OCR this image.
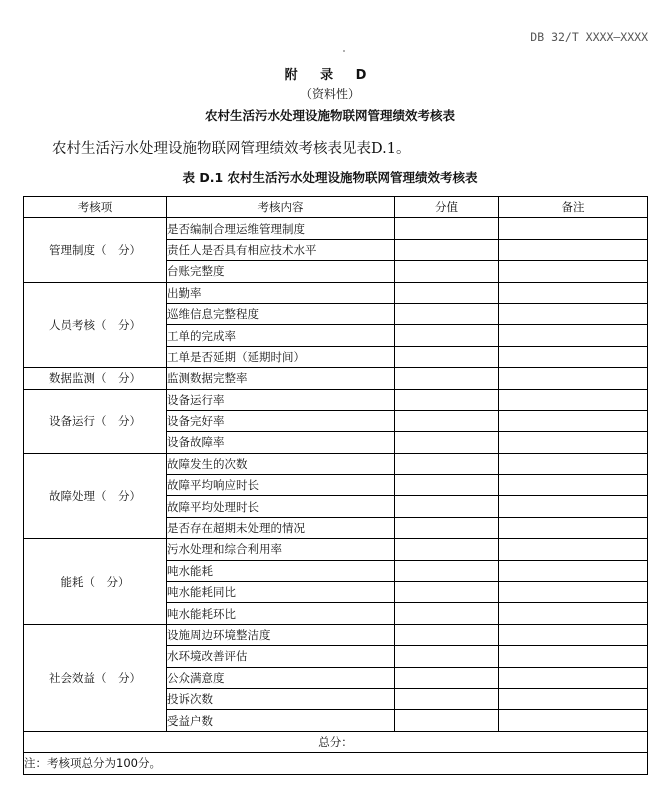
DB 32/T XXXX—XXXX
附 录 D
（资料性）
农村生活污水处理设施物联网管理绩效考核表
农村生活污水处理设施物联网管理绩效考核表见表D.1。
表 D.1 农村生活污水处理设施物联网管理绩效考核表
考核项	考核内容	分值	备注
管理制度（　分）	是否编制合理运维管理制度		
	责任人是否具有相应技术水平		
	台账完整度		
人员考核（　分）	出勤率		
	巡维信息完整程度		
	工单的完成率		
	工单是否延期（延期时间）		
数据监测（　分）	监测数据完整率		
设备运行（　分）	设备运行率		
	设备完好率		
	设备故障率		
故障处理（　分）	故障发生的次数		
	故障平均响应时长		
	故障平均处理时长		
	是否存在超期未处理的情况		
能耗（　分）	污水处理和综合利用率		
	吨水能耗		
	吨水能耗同比		
	吨水能耗环比		
社会效益（　分）	设施周边环境整洁度		
	水环境改善评估		
	公众满意度		
	投诉次数		
	受益户数		
总分：			
注：考核项总分为100分。			
